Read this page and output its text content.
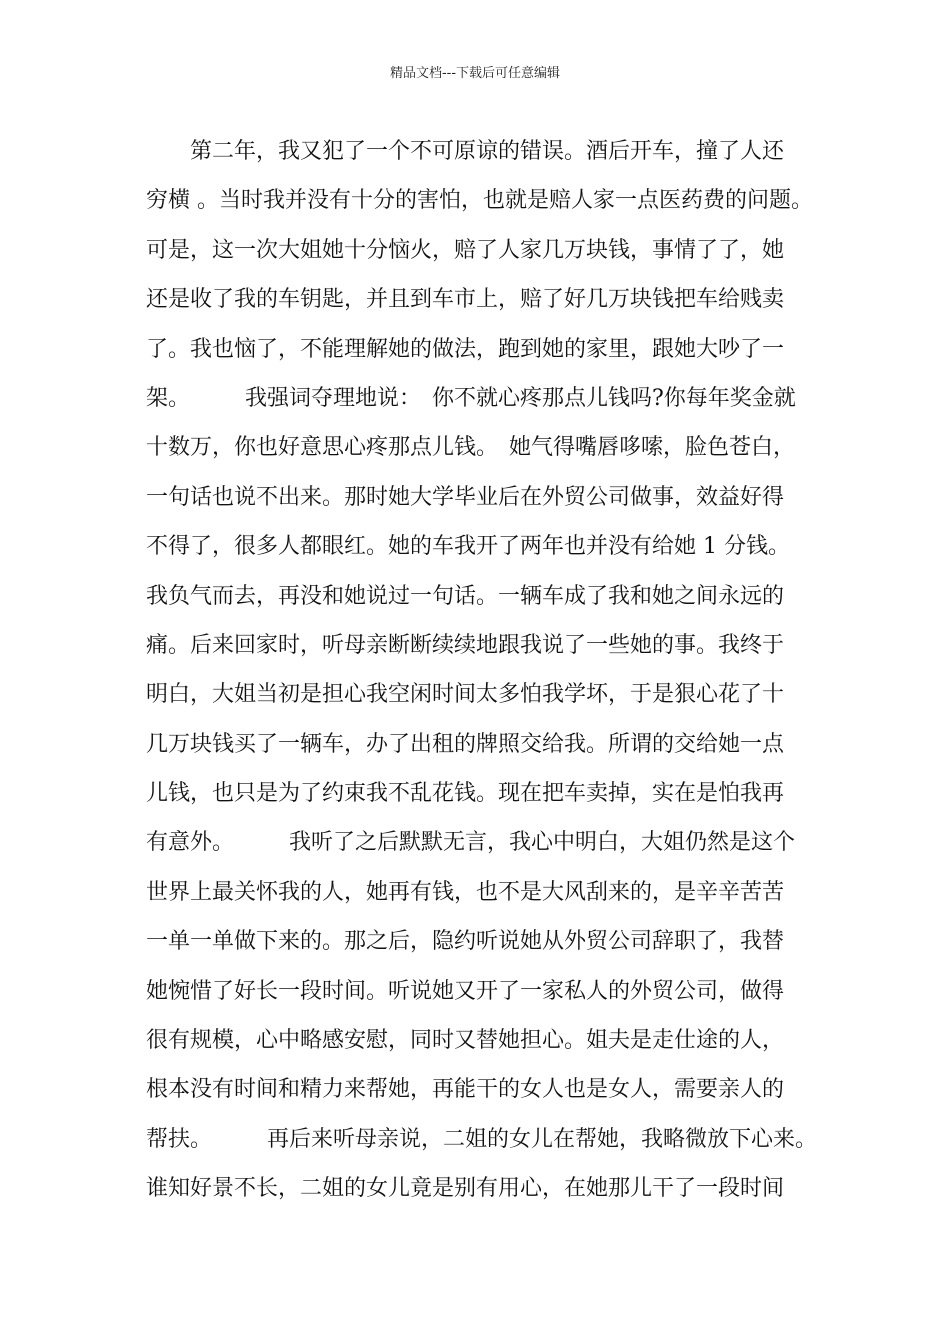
精品文档---下载后可任意编辑
　　第二年，我又犯了一个不可原谅的错误。酒后开车，撞了人还
穷横 。当时我并没有十分的害怕，也就是赔人家一点医药费的问题。
可是，这一次大姐她十分恼火，赔了人家几万块钱，事情了了，她
还是收了我的车钥匙，并且到车市上，赔了好几万块钱把车给贱卖
了。我也恼了，不能理解她的做法，跑到她的家里，跟她大吵了一
架。　　　我强词夺理地说：　你不就心疼那点儿钱吗?你每年奖金就
十数万，你也好意思心疼那点儿钱。　她气得嘴唇哆嗦，脸色苍白，
一句话也说不出来。那时她大学毕业后在外贸公司做事，效益好得
不得了，很多人都眼红。她的车我开了两年也并没有给她 1 分钱。
我负气而去，再没和她说过一句话。一辆车成了我和她之间永远的
痛。后来回家时，听母亲断断续续地跟我说了一些她的事。我终于
明白，大姐当初是担心我空闲时间太多怕我学坏，于是狠心花了十
几万块钱买了一辆车，办了出租的牌照交给我。所谓的交给她一点
儿钱，也只是为了约束我不乱花钱。现在把车卖掉，实在是怕我再
有意外。　　　我听了之后默默无言，我心中明白，大姐仍然是这个
世界上最关怀我的人，她再有钱，也不是大风刮来的，是辛辛苦苦
一单一单做下来的。那之后，隐约听说她从外贸公司辞职了，我替
她惋惜了好长一段时间。听说她又开了一家私人的外贸公司，做得
很有规模，心中略感安慰，同时又替她担心。姐夫是走仕途的人，
根本没有时间和精力来帮她，再能干的女人也是女人，需要亲人的
帮扶。　　　再后来听母亲说，二姐的女儿在帮她，我略微放下心来。
谁知好景不长，二姐的女儿竟是别有用心，在她那儿干了一段时间
